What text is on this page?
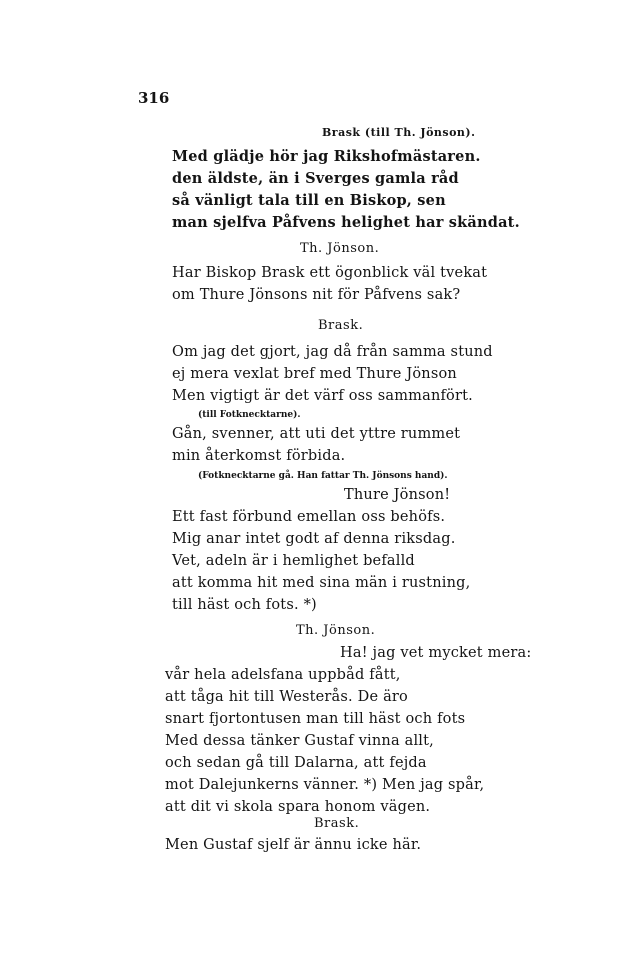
316
Brask (till Th. Jönson).
Med glädje hör jag Rikshofmästaren.
den äldste, än i Sverges gamla råd
så vänligt tala till en Biskop, sen
man sjelfva Påfvens helighet har skändat.
Th. Jönson.
Har Biskop Brask ett ögonblick väl tvekat
om Thure Jönsons nit för Påfvens sak?
Brask.
Om jag det gjort, jag då från samma stund
ej mera vexlat bref med Thure Jönson
Men vigtigt är det värf oss sammanfört.
(till Fotknecktarne).
Gån, svenner, att uti det yttre rummet
min återkomst förbida.
(Fotknecktarne gå. Han fattar Th. Jönsons hand).
Thure Jönson!
Ett fast förbund emellan oss behöfs.
Mig anar intet godt af denna riksdag.
Vet, adeln är i hemlighet befalld
att komma hit med sina män i rustning,
till häst och fots. *)
Th. Jönson.
Ha! jag vet mycket mera:
vår hela adelsfana uppbåd fått,
att tåga hit till Westerås. De äro
snart fjortontusen man till häst och fots
Med dessa tänker Gustaf vinna allt,
och sedan gå till Dalarna, att fejda
mot Dalejunkerns vänner. *) Men jag spår,
att dit vi skola spara honom vägen.
Brask.
Men Gustaf sjelf är ännu icke här.
